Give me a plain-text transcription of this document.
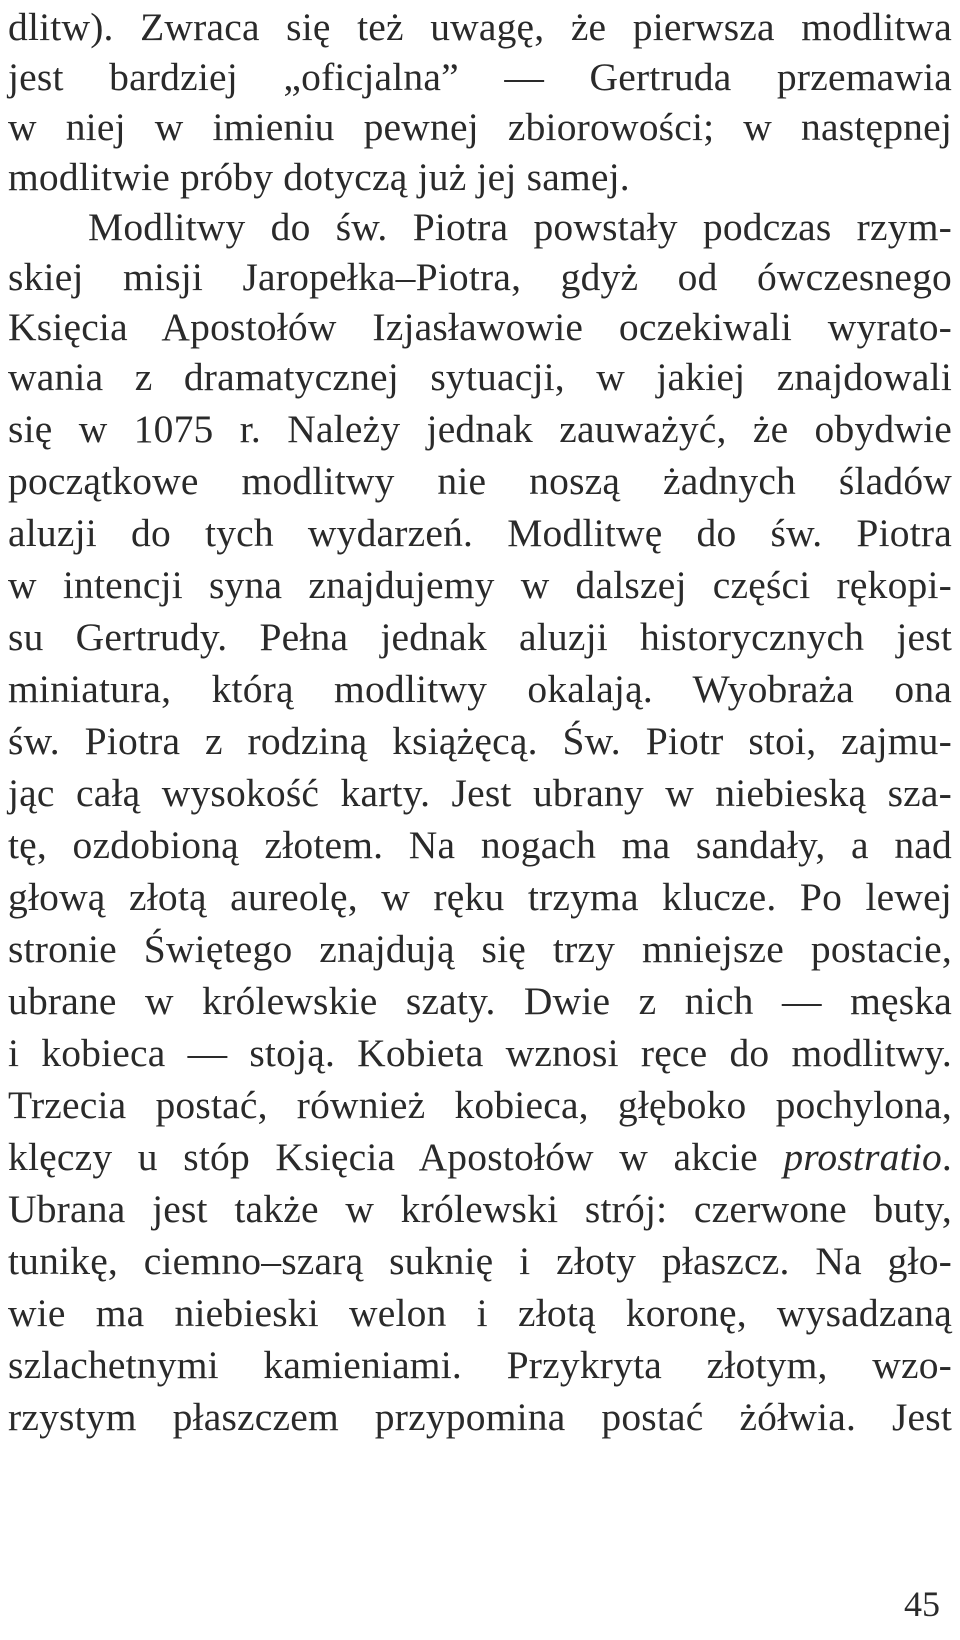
dlitw). Zwraca się też uwagę, że pierwsza modlitwa
jest bardziej „oficjalna” — Gertruda przemawia
w niej w imieniu pewnej zbiorowości; w następnej
modlitwie próby dotyczą już jej samej.
Modlitwy do św. Piotra powstały podczas rzym-
skiej misji Jaropełka–Piotra, gdyż od ówczesnego
Księcia Apostołów Izjasławowie oczekiwali wyrato-
wania z dramatycznej sytuacji, w jakiej znajdowali
się w 1075 r. Należy jednak zauważyć, że obydwie
początkowe modlitwy nie noszą żadnych śladów
aluzji do tych wydarzeń. Modlitwę do św. Piotra
w intencji syna znajdujemy w dalszej części rękopi-
su Gertrudy. Pełna jednak aluzji historycznych jest
miniatura, którą modlitwy okalają. Wyobraża ona
św. Piotra z rodziną książęcą. Św. Piotr stoi, zajmu-
jąc całą wysokość karty. Jest ubrany w niebieską sza-
tę, ozdobioną złotem. Na nogach ma sandały, a nad
głową złotą aureolę, w ręku trzyma klucze. Po lewej
stronie Świętego znajdują się trzy mniejsze postacie,
ubrane w królewskie szaty. Dwie z nich — męska
i kobieca — stoją. Kobieta wznosi ręce do modlitwy.
Trzecia postać, również kobieca, głęboko pochylona,
klęczy u stóp Księcia Apostołów w akcie prostratio.
Ubrana jest także w królewski strój: czerwone buty,
tunikę, ciemno–szarą suknię i złoty płaszcz. Na gło-
wie ma niebieski welon i złotą koronę, wysadzaną
szlachetnymi kamieniami. Przykryta złotym, wzo-
rzystym płaszczem przypomina postać żółwia. Jest
45
